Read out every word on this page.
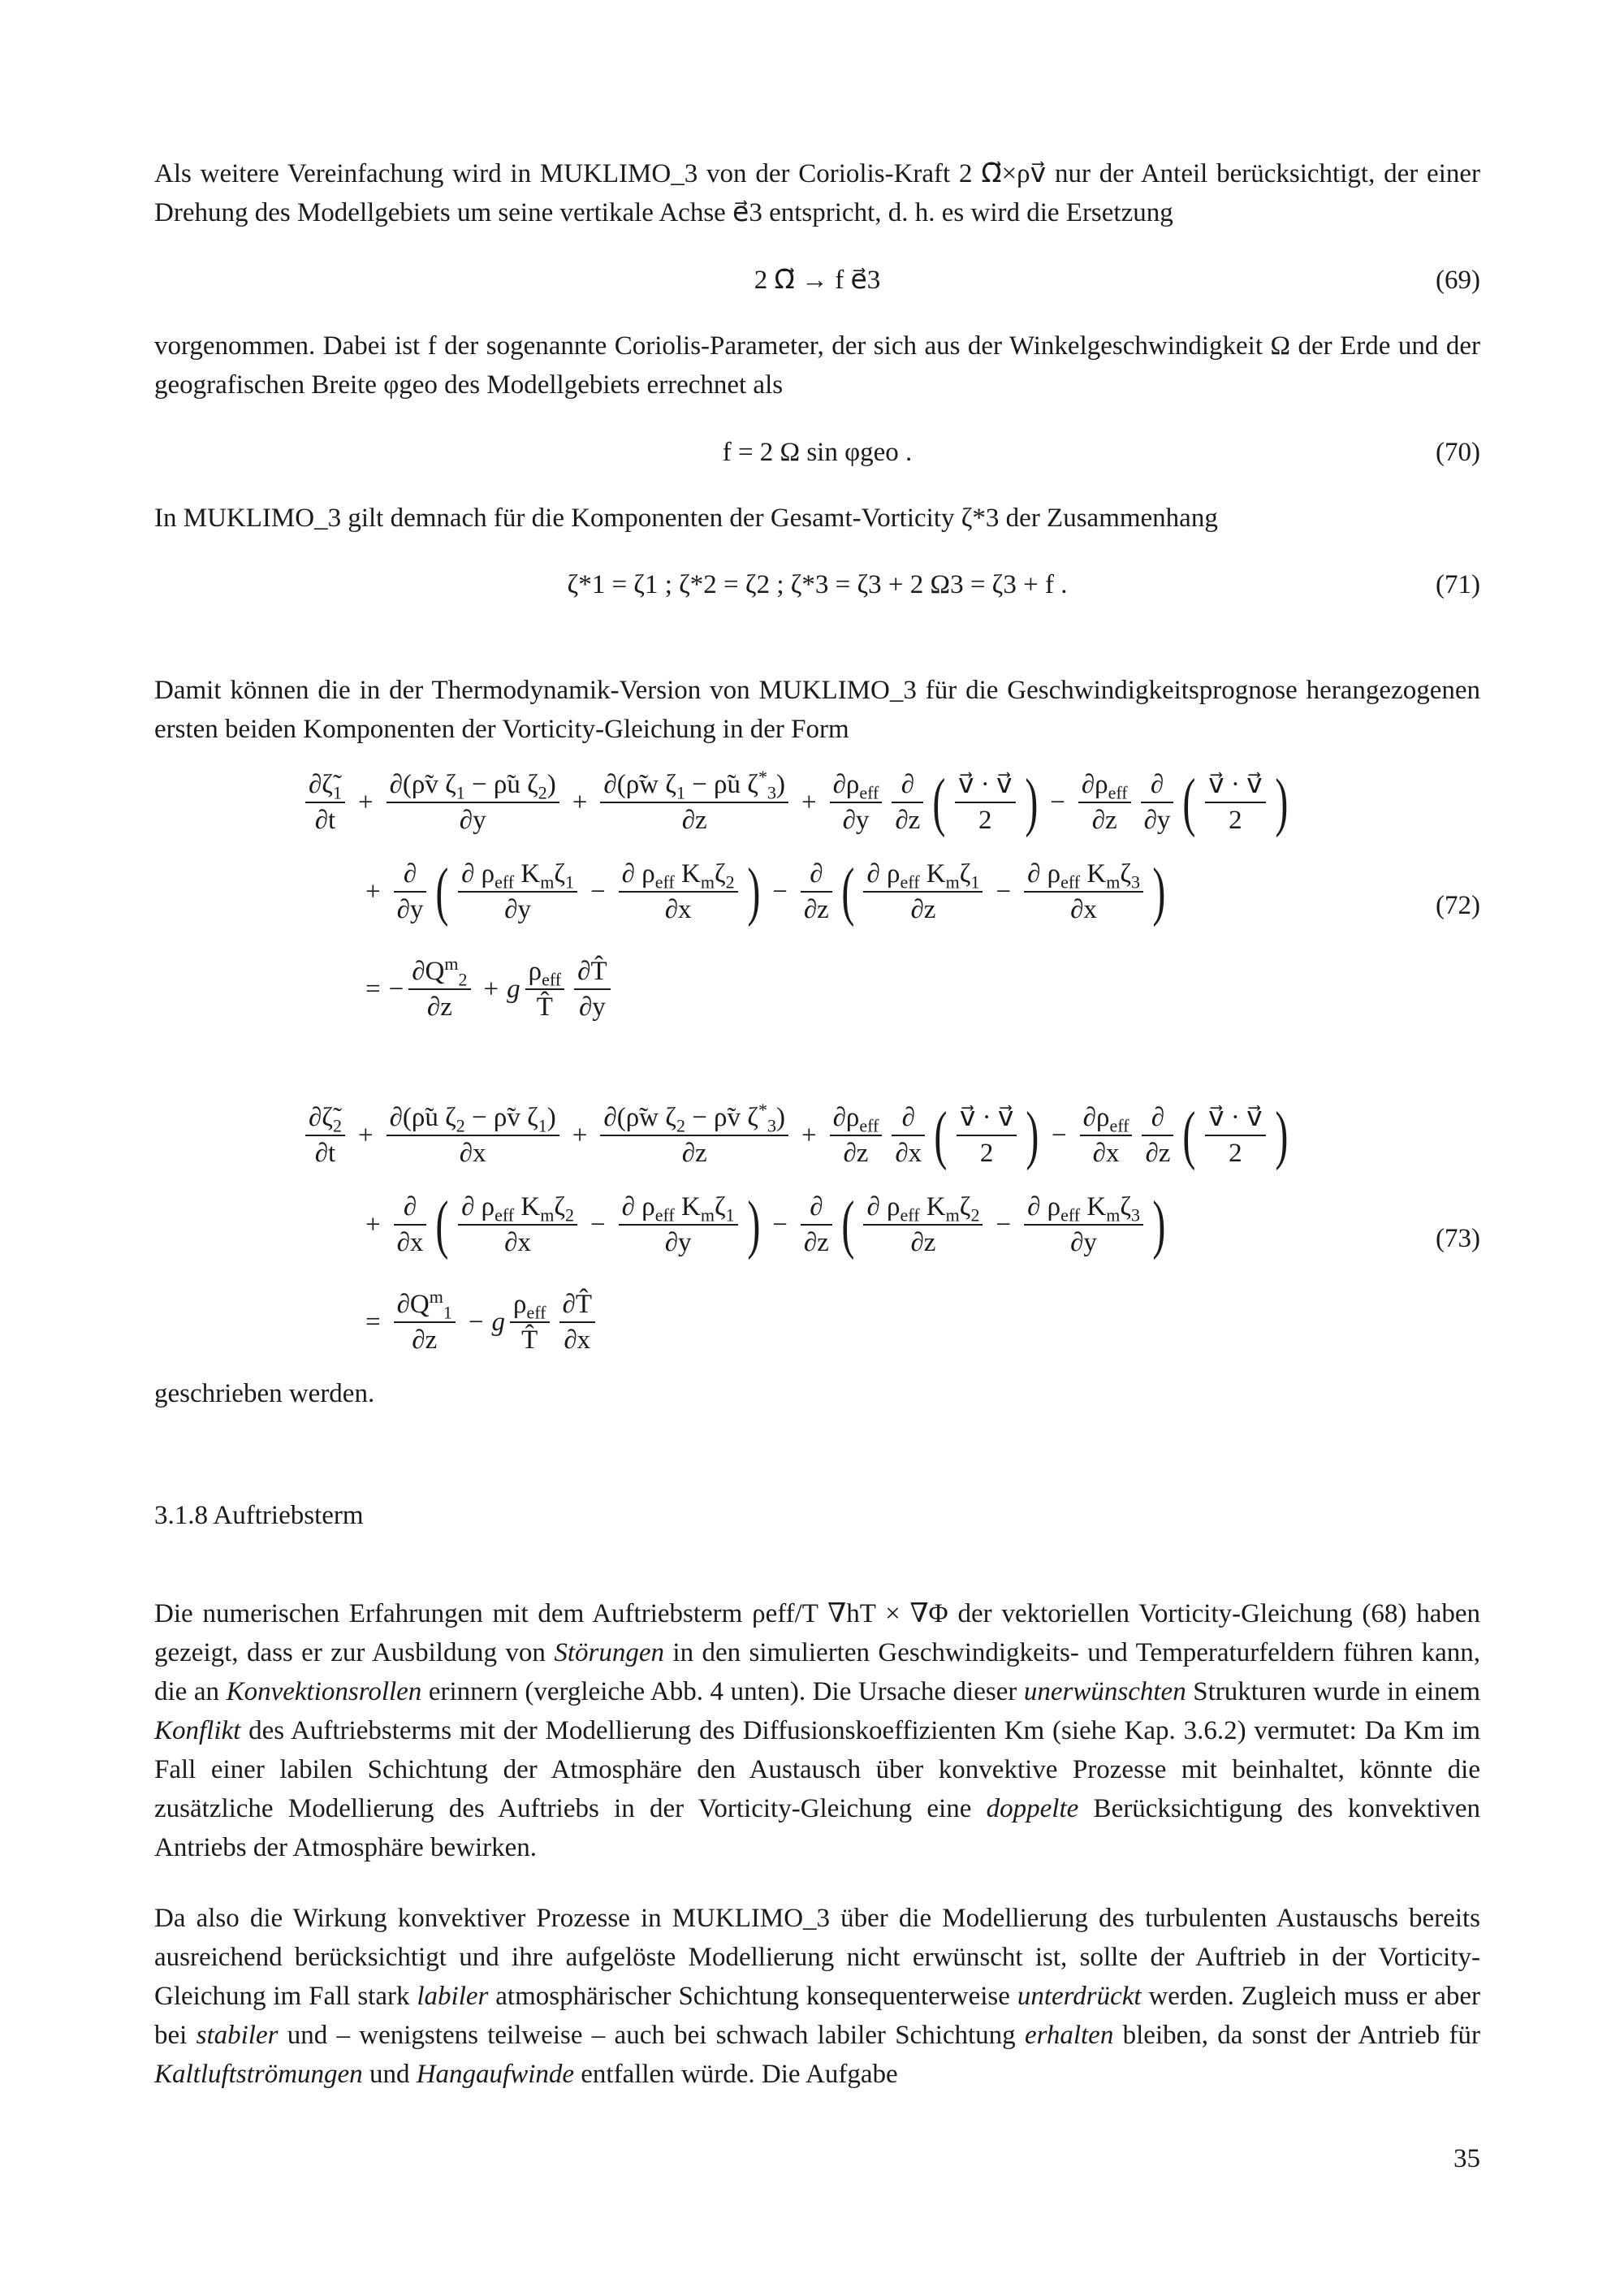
Als weitere Vereinfachung wird in MUKLIMO_3 von der Coriolis-Kraft 2 Ω⃗×ρv⃗ nur der Anteil berücksichtigt, der einer Drehung des Modellgebiets um seine vertikale Achse e⃗3 entspricht, d. h. es wird die Ersetzung

2 Ω⃗ → f e⃗3	(69)

vorgenommen. Dabei ist f der sogenannte Coriolis-Parameter, der sich aus der Winkelgeschwindigkeit Ω der Erde und der geografischen Breite φgeo des Modellgebiets errechnet als

f = 2 Ω sin φgeo .	(70)

In MUKLIMO_3 gilt demnach für die Komponenten der Gesamt-Vorticity ζ*3 der Zusammenhang

ζ*1 = ζ1 ; ζ*2 = ζ2 ; ζ*3 = ζ3 + 2 Ω3 = ζ3 + f .	(71)

Damit können die in der Thermodynamik-Version von MUKLIMO_3 für die Geschwindigkeitsprognose herangezogenen ersten beiden Komponenten der Vorticity-Gleichung in der Form

$\partial\zetã_1$
∂t
+ $\frac{\partial(\rhõv \zeta_1 - \rhõu \zeta_2)}{\partial y} + \frac{\partial(\rhõw \zeta_1 - \rhõu \zeta^*_3)}{\partial z}$ +
$\partial\rho_{eff}$
∂y
∂
∂z ( v⃗ · v⃗
2 ) −
$\partial\rho_{eff}$
∂z
∂
∂y ( v⃗ · v⃗
2 )
+
∂
∂y ( ∂ $\rho_{eff}$ $K_m\zeta_1$
∂y
−
∂ $\rho_{eff}$ $K_m\zeta_2$
∂x ) −
∂
∂z ( ∂ $\rho_{eff}$ $K_m\zeta_1$
∂z
−
∂ $\rho_{eff}$ $K_m\zeta_3$
∂x )
= − $\frac{\partial Q^m_2}{\partial z} + g$
$\rho_{eff}$
T̂
∂T̂
∂y
(72)
$\partial\zetã_2$
∂t
+ $\frac{\partial(\rhõu \zeta_2 - \rhõv \zeta_1)}{\partial x} + \frac{\partial(\rhõw \zeta_2 - \rhõv \zeta^*_3)}{\partial z}$ +
$\partial\rho_{eff}$
∂z
∂
∂x ( v⃗ · v⃗
2 ) −
$\partial\rho_{eff}$
∂x
∂
∂z ( v⃗ · v⃗
2 )
+
∂
∂x ( ∂ $\rho_{eff}$ $K_m\zeta_2$
∂x
−
∂ $\rho_{eff}$ $K_m\zeta_1$
∂y ) −
∂
∂z ( ∂ $\rho_{eff}$ $K_m\zeta_2$
∂z
−
∂ $\rho_{eff}$ $K_m\zeta_3$
∂y )
= $\frac{\partial Q^m_1}{\partial z} - g$
$\rho_{eff}$
T̂
∂T̂
∂x
(73)

geschrieben werden.

3.1.8 Auftriebsterm

Die numerischen Erfahrungen mit dem Auftriebsterm ρeff/T ∇hT × ∇Φ der vektoriellen Vorticity-Gleichung (68) haben gezeigt, dass er zur Ausbildung von Störungen in den simulierten Geschwindigkeits- und Temperaturfeldern führen kann, die an Konvektionsrollen erinnern (vergleiche Abb. 4 unten). Die Ursache dieser unerwünschten Strukturen wurde in einem Konflikt des Auftriebsterms mit der Modellierung des Diffusionskoeffizienten Km (siehe Kap. 3.6.2) vermutet: Da Km im Fall einer labilen Schichtung der Atmosphäre den Austausch über konvektive Prozesse mit beinhaltet, könnte die zusätzliche Modellierung des Auftriebs in der Vorticity-Gleichung eine doppelte Berücksichtigung des konvektiven Antriebs der Atmosphäre bewirken.

Da also die Wirkung konvektiver Prozesse in MUKLIMO_3 über die Modellierung des turbulenten Austauschs bereits ausreichend berücksichtigt und ihre aufgelöste Modellierung nicht erwünscht ist, sollte der Auftrieb in der Vorticity-Gleichung im Fall stark labiler atmosphärischer Schichtung konsequenterweise unterdrückt werden. Zugleich muss er aber bei stabiler und – wenigstens teilweise – auch bei schwach labiler Schichtung erhalten bleiben, da sonst der Antrieb für Kaltluftströmungen und Hangaufwinde entfallen würde. Die Aufgabe

35
